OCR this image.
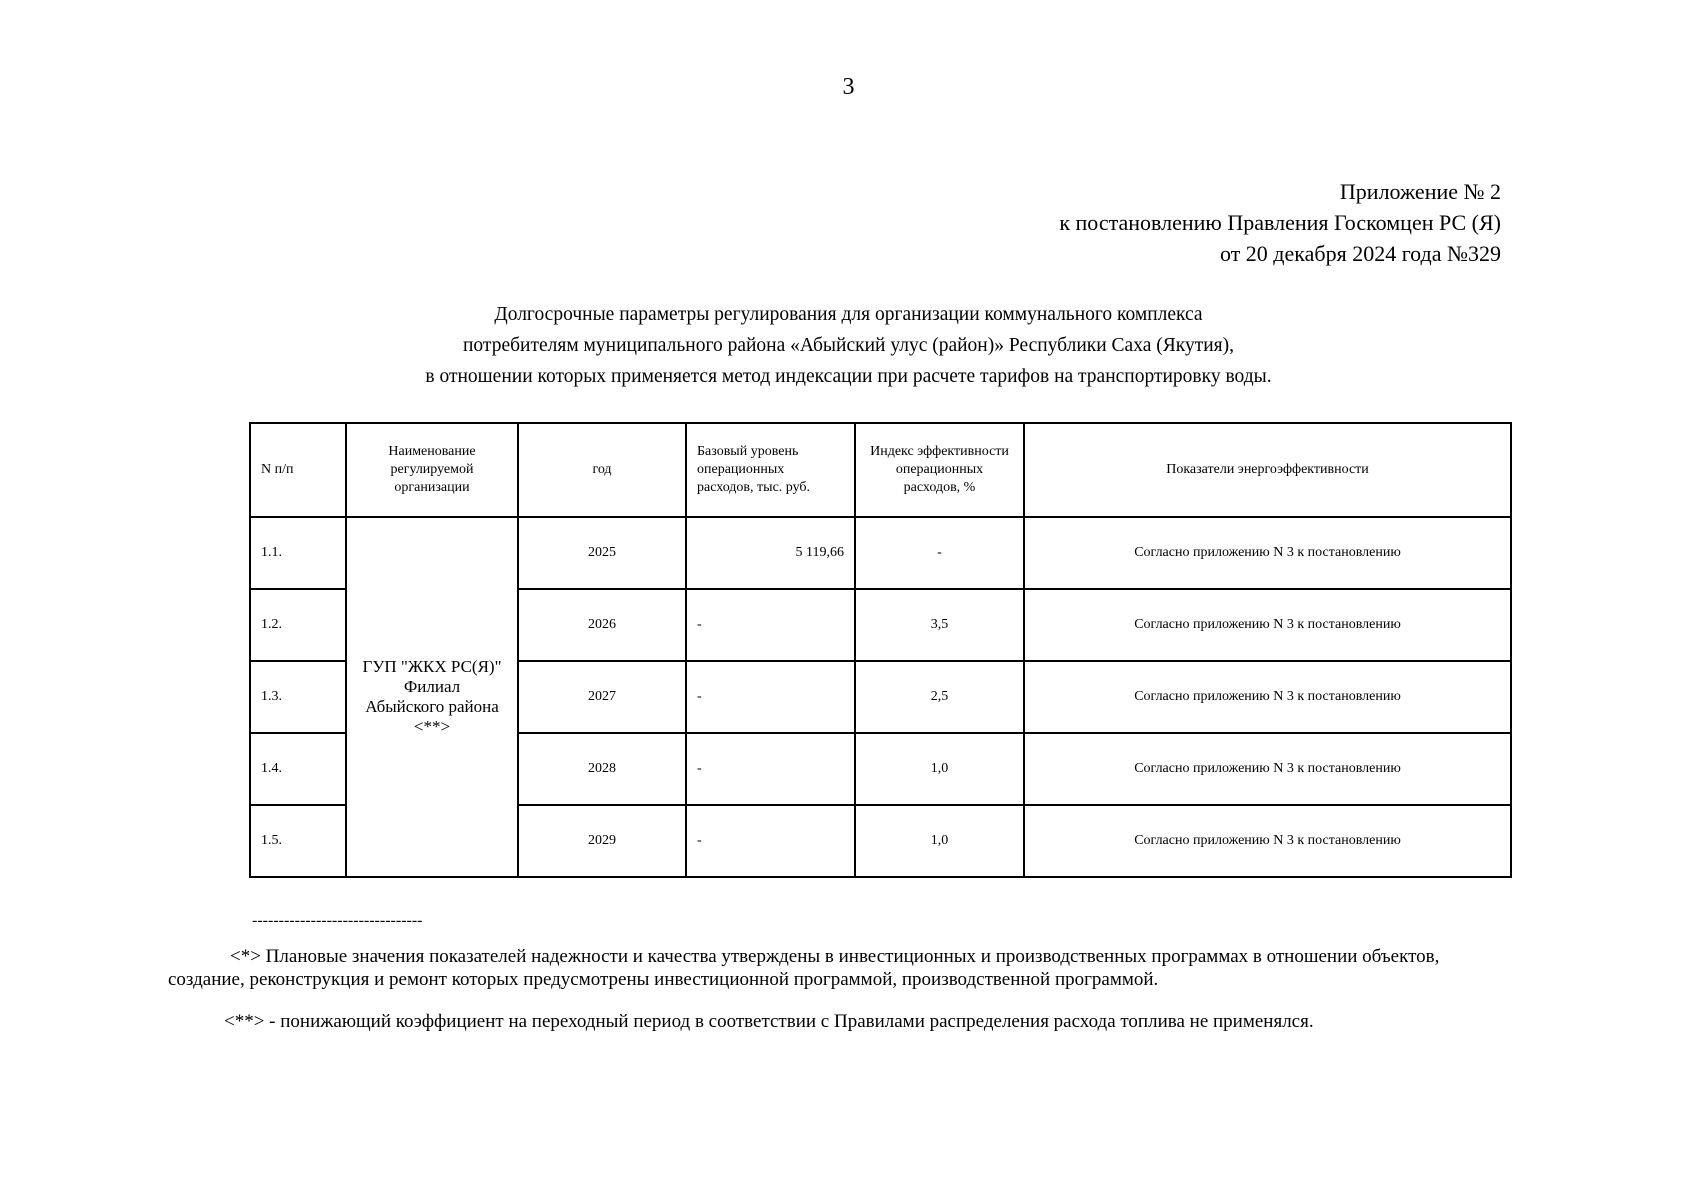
3
Приложение № 2
к постановлению Правления Госкомцен РС (Я)
от 20 декабря 2024 года №329
Долгосрочные параметры регулирования для организации коммунального комплекса
потребителям муниципального района «Абыйский улус (район)» Республики Саха (Якутия),
в отношении которых применяется метод индексации при расчете тарифов на транспортировку воды.
N п/п	Наименование регулируемой организации	год	Базовый уровень операционных расходов, тыс. руб.	Индекс эффективности операционных расходов, %	Показатели энергоэффективности
1.1.	ГУП "ЖКХ РС(Я)"
Филиал
Абыйского района
<**>	2025	5 119,66	-	Согласно приложению N 3 к постановлению
1.2.		2026	-	3,5	Согласно приложению N 3 к постановлению
1.3.		2027	-	2,5	Согласно приложению N 3 к постановлению
1.4.		2028	-	1,0	Согласно приложению N 3 к постановлению
1.5.		2029	-	1,0	Согласно приложению N 3 к постановлению
--------------------------------
<*> Плановые значения показателей надежности и качества утверждены в инвестиционных и производственных программах в отношении объектов, создание, реконструкция и ремонт которых предусмотрены инвестиционной программой, производственной программой.
<**> - понижающий коэффициент на переходный период в соответствии с Правилами распределения расхода топлива не применялся.
